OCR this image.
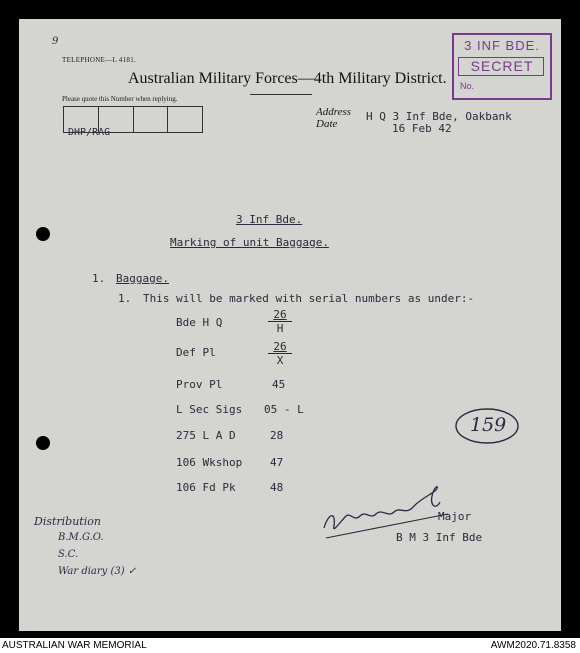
9
TELEPHONE—L 4181.
Australian Military Forces—4th Military District.
Please quote this Number when replying.
DHP/RAG
Address
Date
H Q 3 Inf Bde, Oakbank
16 Feb 42
3 INF BDE.
SECRET
No.
3 Inf Bde.
Marking of unit Baggage.
1. Baggage.
1. This will be marked with serial numbers as under:-
Bde H Q	$\frac{26}{H}$
Def Pl	$\frac{26}{X}$
Prov Pl	45
L Sec Sigs 05 - L
275 L A D	28
106 Wkshop	47
106 Fd Pk	48
159
Major
B M 3 Inf Bde
Distribution
B.M.G.O.
S.C.
War diary (3) ✓
AUSTRALIAN WAR MEMORIAL	AWM2020.71.8358
